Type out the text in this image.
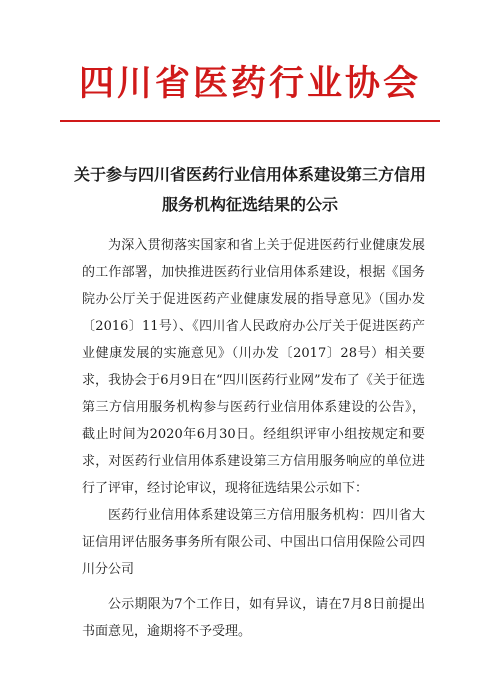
四川省医药行业协会
关于参与四川省医药行业信用体系建设第三方信用
服务机构征选结果的公示

为深入贯彻落实国家和省上关于促进医药行业健康发展的工作部署，加快推进医药行业信用体系建设，根据《国务院办公厅关于促进医药产业健康发展的指导意见》（国办发〔2016〕11号）、《四川省人民政府办公厅关于促进医药产业健康发展的实施意见》（川办发〔2017〕28号）相关要求，我协会于6月9日在“四川医药行业网”发布了《关于征选第三方信用服务机构参与医药行业信用体系建设的公告》，截止时间为2020年6月30日。经组织评审小组按规定和要求，对医药行业信用体系建设第三方信用服务响应的单位进行了评审，经讨论审议，现将征选结果公示如下：

医药行业信用体系建设第三方信用服务机构：四川省大证信用评估服务事务所有限公司、中国出口信用保险公司四川分公司

公示期限为7个工作日，如有异议，请在7月8日前提出书面意见，逾期将不予受理。
